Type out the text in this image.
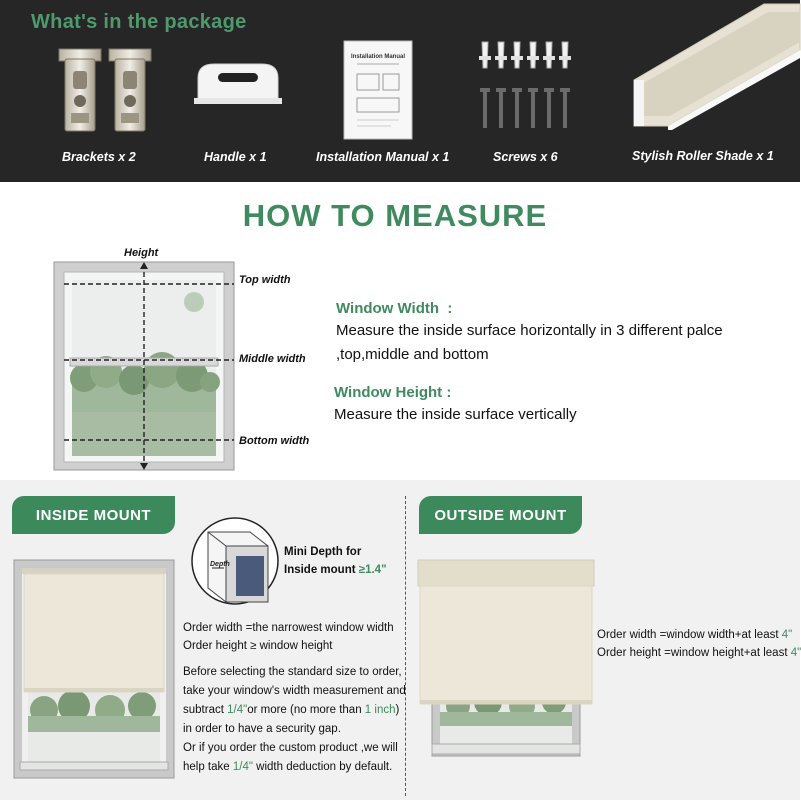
What's in the package
Brackets x 2	Handle x 1
Installation Manual
Installation Manual x 1	Screws x 6	Stylish Roller Shade x 1
HOW TO MEASURE
Height
Top width
Middle width
Bottom width
Window Width  :
Measure the inside surface horizontally in 3 different palce ,top,middle and bottom
Window Height :
Measure the inside surface vertically
INSIDE MOUNT
Depth
Mini Depth for
Inside mount ≥1.4"
Order width =the narrowest window width
Order height ≥ window height
Before selecting the standard size to order,
take your window's width measurement and
subtract 1/4"or more (no more than 1 inch)
in order to have a security gap.
Or if you order the custom product ,we will
help take 1/4" width deduction by default.
OUTSIDE MOUNT
Order width =window width+at least 4"
Order height =window height+at least 4"
